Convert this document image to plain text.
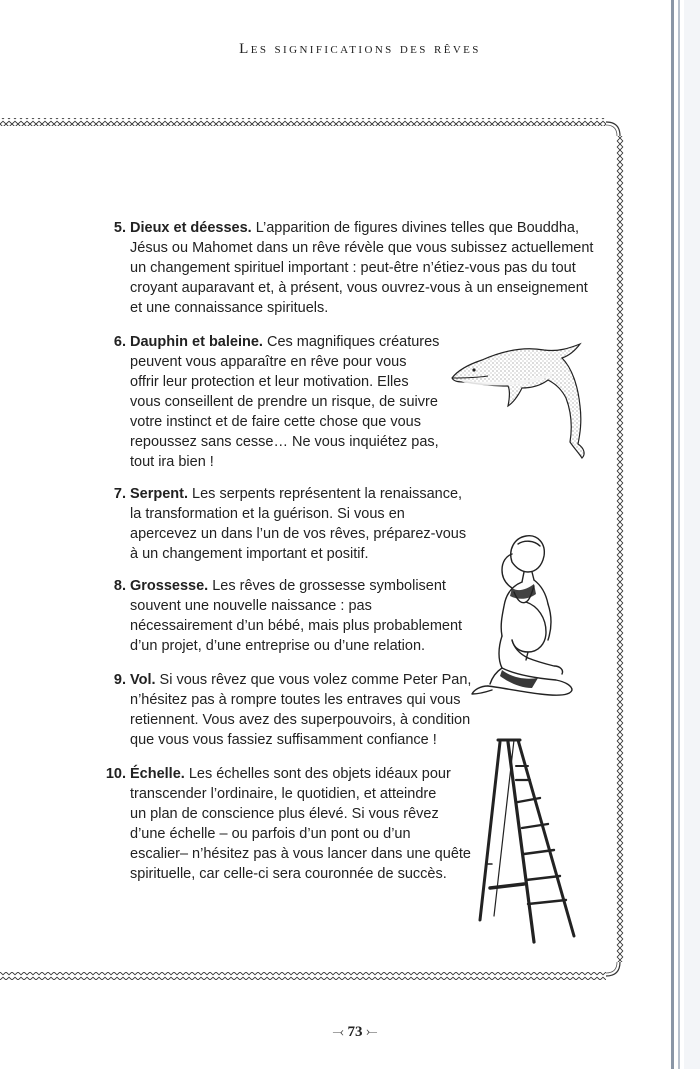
Les significations des rêves
5. Dieux et déesses. L’apparition de figures divines telles que Bouddha,
Jésus ou Mahomet dans un rêve révèle que vous subissez actuellement
un changement spirituel important : peut-être n’étiez-vous pas du tout
croyant auparavant et, à présent, vous ouvrez-vous à un enseignement
et une connaissance spirituels.
6. Dauphin et baleine. Ces magnifiques créatures
peuvent vous apparaître en rêve pour vous
offrir leur protection et leur motivation. Elles
vous conseillent de prendre un risque, de suivre
votre instinct et de faire cette chose que vous
repoussez sans cesse… Ne vous inquiétez pas,
tout ira bien !
7. Serpent. Les serpents représentent la renaissance,
la transformation et la guérison. Si vous en
apercevez un dans l’un de vos rêves, préparez-vous
à un changement important et positif.
8. Grossesse. Les rêves de grossesse symbolisent
souvent une nouvelle naissance : pas
nécessairement d’un bébé, mais plus probablement
d’un projet, d’une entreprise ou d’une relation.
9. Vol. Si vous rêvez que vous volez comme Peter Pan,
n’hésitez pas à rompre toutes les entraves qui vous
retiennent. Vous avez des superpouvoirs, à condition
que vous vous fassiez suffisamment confiance !
10. Échelle. Les échelles sont des objets idéaux pour
transcender l’ordinaire, le quotidien, et atteindre
un plan de conscience plus élevé. Si vous rêvez
d’une échelle – ou parfois d’un pont ou d’un
escalier– n’hésitez pas à vous lancer dans une quête
spirituelle, car celle-ci sera couronnée de succès.
⤙ 73 ⤚
